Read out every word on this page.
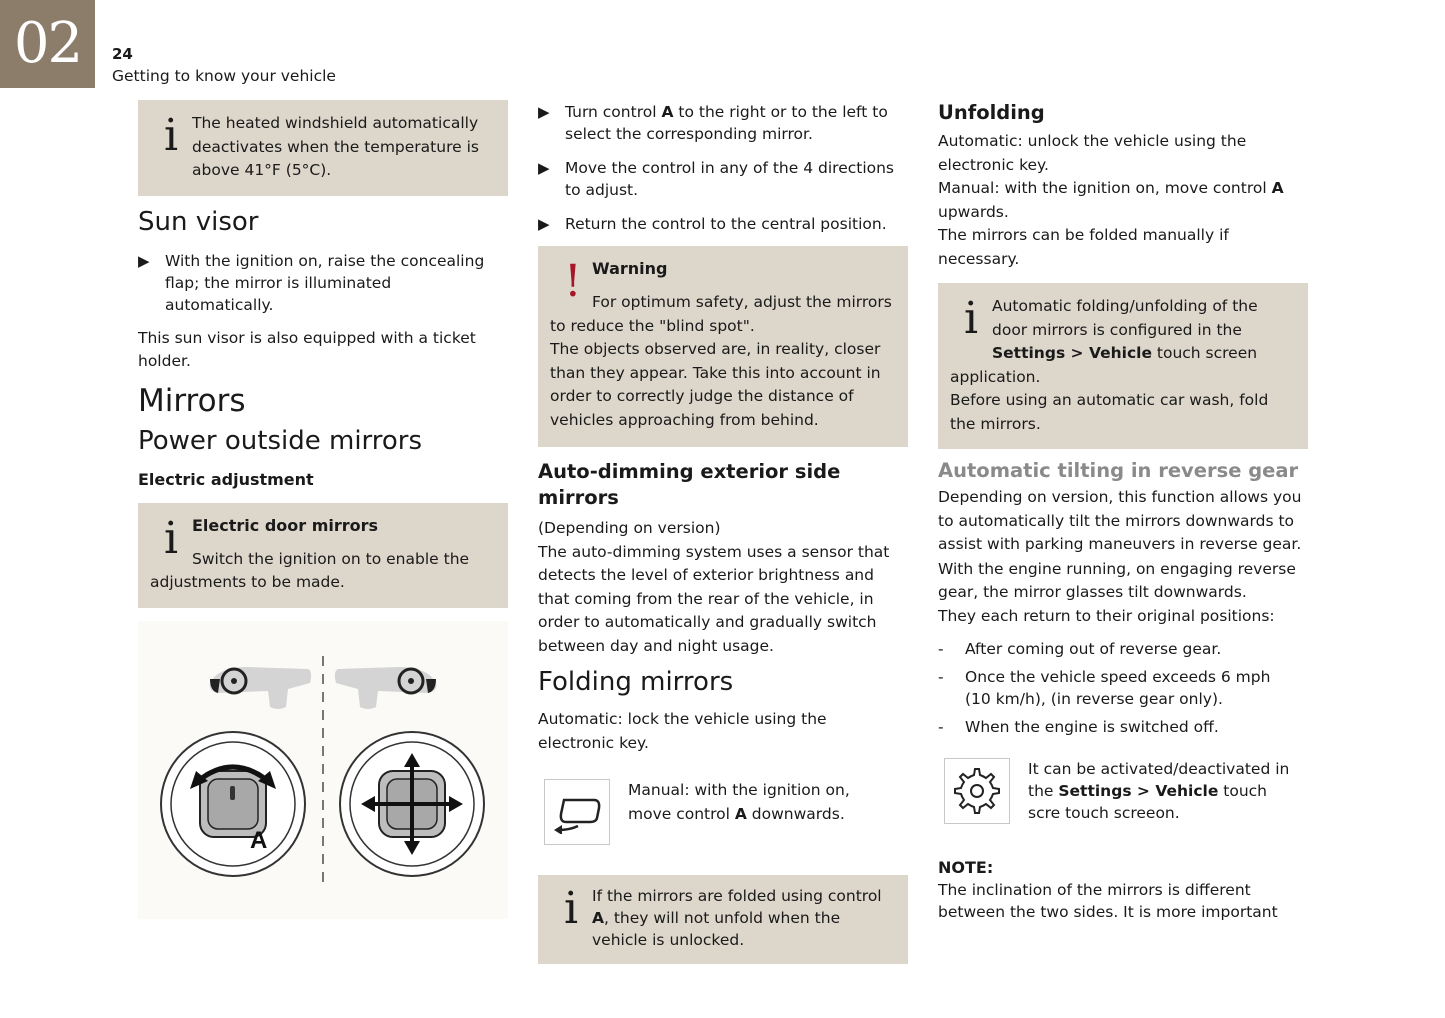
02	24
Getting to know your vehicle
i The heated windshield automatically deactivates when the temperature is above 41°F (5°C).
Sun visor
▶ With the ignition on, raise the concealing flap; the mirror is illuminated automatically.

This sun visor is also equipped with a ticket holder.

Mirrors
Power outside mirrors
Electric adjustment
i Electric door mirrors
Switch the ignition on to enable the adjustments to be made.
A
▶ Turn control A to the right or to the left to select the corresponding mirror.
▶ Move the control in any of the 4 directions to adjust.
▶ Return the control to the central position.
! Warning
For optimum safety, adjust the mirrors to reduce the "blind spot".
The objects observed are, in reality, closer than they appear. Take this into account in order to correctly judge the distance of vehicles approaching from behind.
Auto-dimming exterior side mirrors

(Depending on version)

The auto-dimming system uses a sensor that detects the level of exterior brightness and that coming from the rear of the vehicle, in order to automatically and gradually switch between day and night usage.

Folding mirrors

Automatic: lock the vehicle using the electronic key.

Manual: with the ignition on, move control A downwards.

i If the mirrors are folded using control A, they will not unfold when the vehicle is unlocked.
Unfolding

Automatic: unlock the vehicle using the electronic key.

Manual: with the ignition on, move control A upwards.

The mirrors can be folded manually if necessary.

i Automatic folding/unfolding of the door mirrors is configured in the Settings > Vehicle touch screen application.
Before using an automatic car wash, fold the mirrors.
Automatic tilting in reverse gear

Depending on version, this function allows you to automatically tilt the mirrors downwards to assist with parking maneuvers in reverse gear.

With the engine running, on engaging reverse gear, the mirror glasses tilt downwards.

They each return to their original positions:

- After coming out of reverse gear.
- Once the vehicle speed exceeds 6 mph (10 km/h), (in reverse gear only).
- When the engine is switched off.

It can be activated/deactivated in the Settings > Vehicle touch scre touch screeon.

NOTE:

The inclination of the mirrors is different between the two sides. It is more important
